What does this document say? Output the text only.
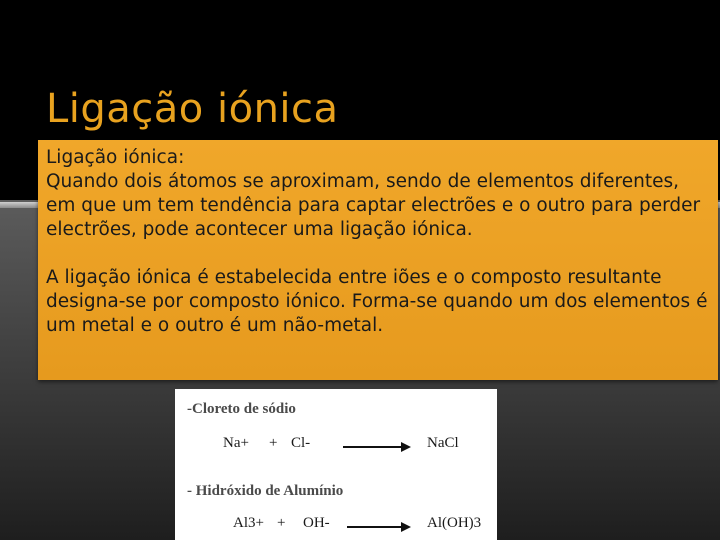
Ligação iónica

Ligação iónica:

Quando dois átomos se aproximam, sendo de elementos diferentes, em que um tem tendência para captar electrões e o outro para perder electrões, pode acontecer uma ligação iónica.

A ligação iónica é estabelecida entre iões e o composto resultante designa-se por composto iónico. Forma-se quando um dos elementos é um metal e o outro é um não-metal.

-Cloreto de sódio
Na+ + Cl-	NaCl
- Hidróxido de Alumínio
Al3+ + OH-	Al(OH)3
